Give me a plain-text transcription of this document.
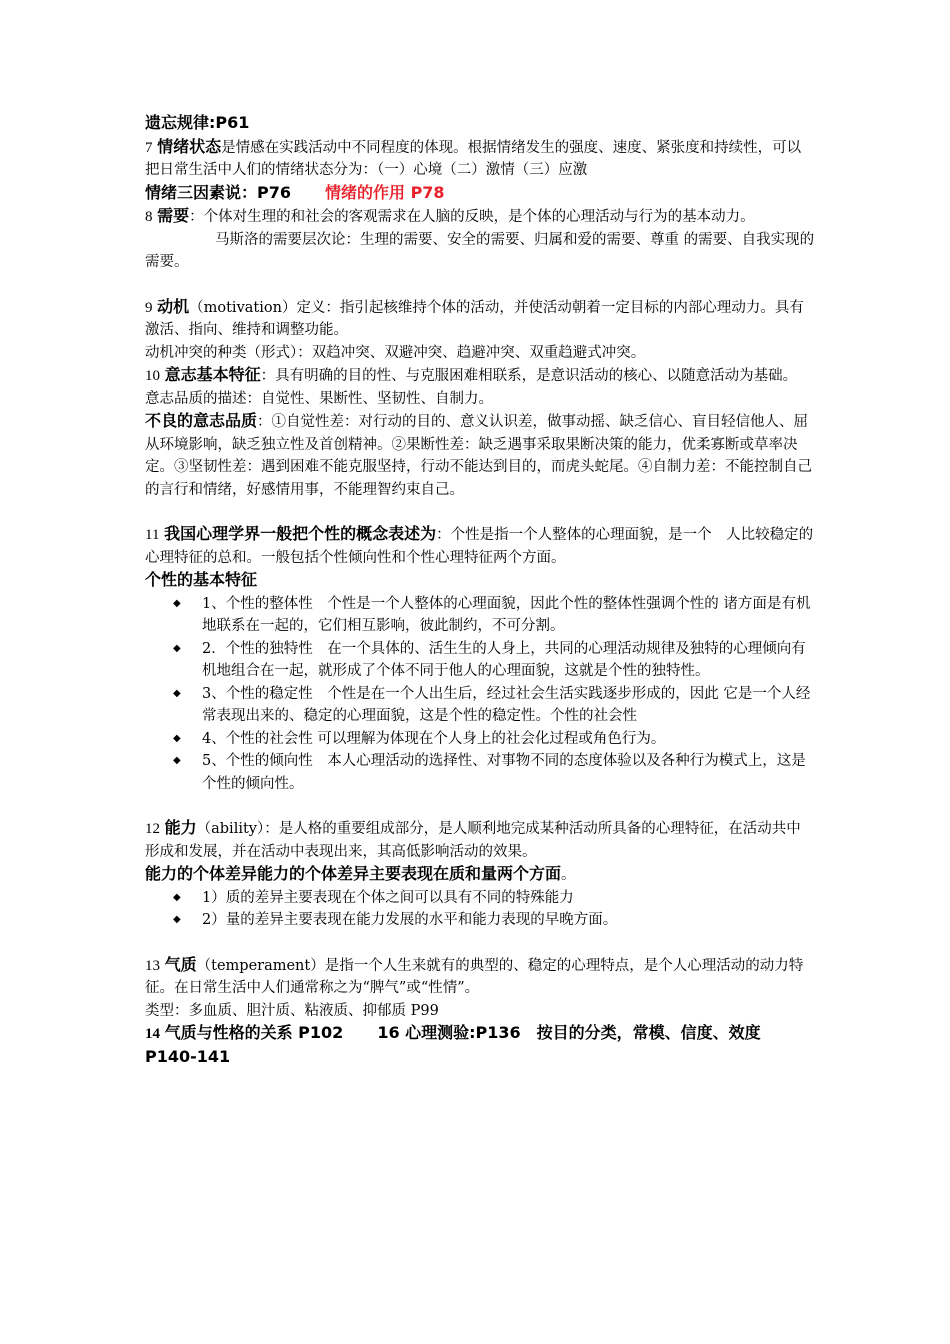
遗忘规律:P61

7 情绪状态是情感在实践活动中不同程度的体现。根据情绪发生的强度、速度、紧张度和持续性，可以把日常生活中人们的情绪状态分为：（一）心境（二）激情（三）应激

情绪三因素说：P76 情绪的作用 P78

8 需要：个体对生理的和社会的客观需求在人脑的反映，是个体的心理活动与行为的基本动力。马斯洛的需要层次论：生理的需要、安全的需要、归属和爱的需要、尊重 的需要、自我实现的需要。

9 动机（motivation）定义：指引起核维持个体的活动，并使活动朝着一定目标的内部心理动力。具有激活、指向、维持和调整功能。

动机冲突的种类（形式）：双趋冲突、双避冲突、趋避冲突、双重趋避式冲突。

10 意志基本特征：具有明确的目的性、与克服困难相联系，是意识活动的核心、以随意活动为基础。

意志品质的描述：自觉性、果断性、坚韧性、自制力。

不良的意志品质：①自觉性差：对行动的目的、意义认识差，做事动摇、缺乏信心、盲目轻信他人、屈从环境影响，缺乏独立性及首创精神。②果断性差：缺乏遇事采取果断决策的能力，优柔寡断或草率决定。③坚韧性差：遇到困难不能克服坚持，行动不能达到目的，而虎头蛇尾。④自制力差：不能控制自己的言行和情绪，好感情用事，不能理智约束自己。

11 我国心理学界一般把个性的概念表述为：个性是指一个人整体的心理面貌，是一个　人比较稳定的心理特征的总和。一般包括个性倾向性和个性心理特征两个方面。

个性的基本特征

◆ 1、个性的整体性　个性是一个人整体的心理面貌，因此个性的整体性强调个性的 诸方面是有机地联系在一起的，它们相互影响，彼此制约，不可分割。
◆ 2．个性的独特性　在一个具体的、活生生的人身上，共同的心理活动规律及独特的心理倾向有机地组合在一起，就形成了个体不同于他人的心理面貌，这就是个性的独特性。
◆ 3、个性的稳定性　个性是在一个人出生后，经过社会生活实践逐步形成的，因此 它是一个人经常表现出来的、稳定的心理面貌，这是个性的稳定性。个性的社会性
◆ 4、个性的社会性 可以理解为体现在个人身上的社会化过程或角色行为。
◆ 5、个性的倾向性　本人心理活动的选择性、对事物不同的态度体验以及各种行为模式上，这是个性的倾向性。

12 能力（ability）：是人格的重要组成部分，是人顺利地完成某种活动所具备的心理特征，在活动共中形成和发展，并在活动中表现出来，其高低影响活动的效果。

能力的个体差异能力的个体差异主要表现在质和量两个方面。

◆ 1）质的差异主要表现在个体之间可以具有不同的特殊能力
◆ 2）量的差异主要表现在能力发展的水平和能力表现的早晚方面。

13 气质（temperament）是指一个人生来就有的典型的、稳定的心理特点，是个人心理活动的动力特征。在日常生活中人们通常称之为“脾气”或“性情”。

类型：多血质、胆汁质、粘液质、抑郁质 P99

14 气质与性格的关系 P102 16 心理测验:P136　按目的分类，常模、信度、效度 P140-141
